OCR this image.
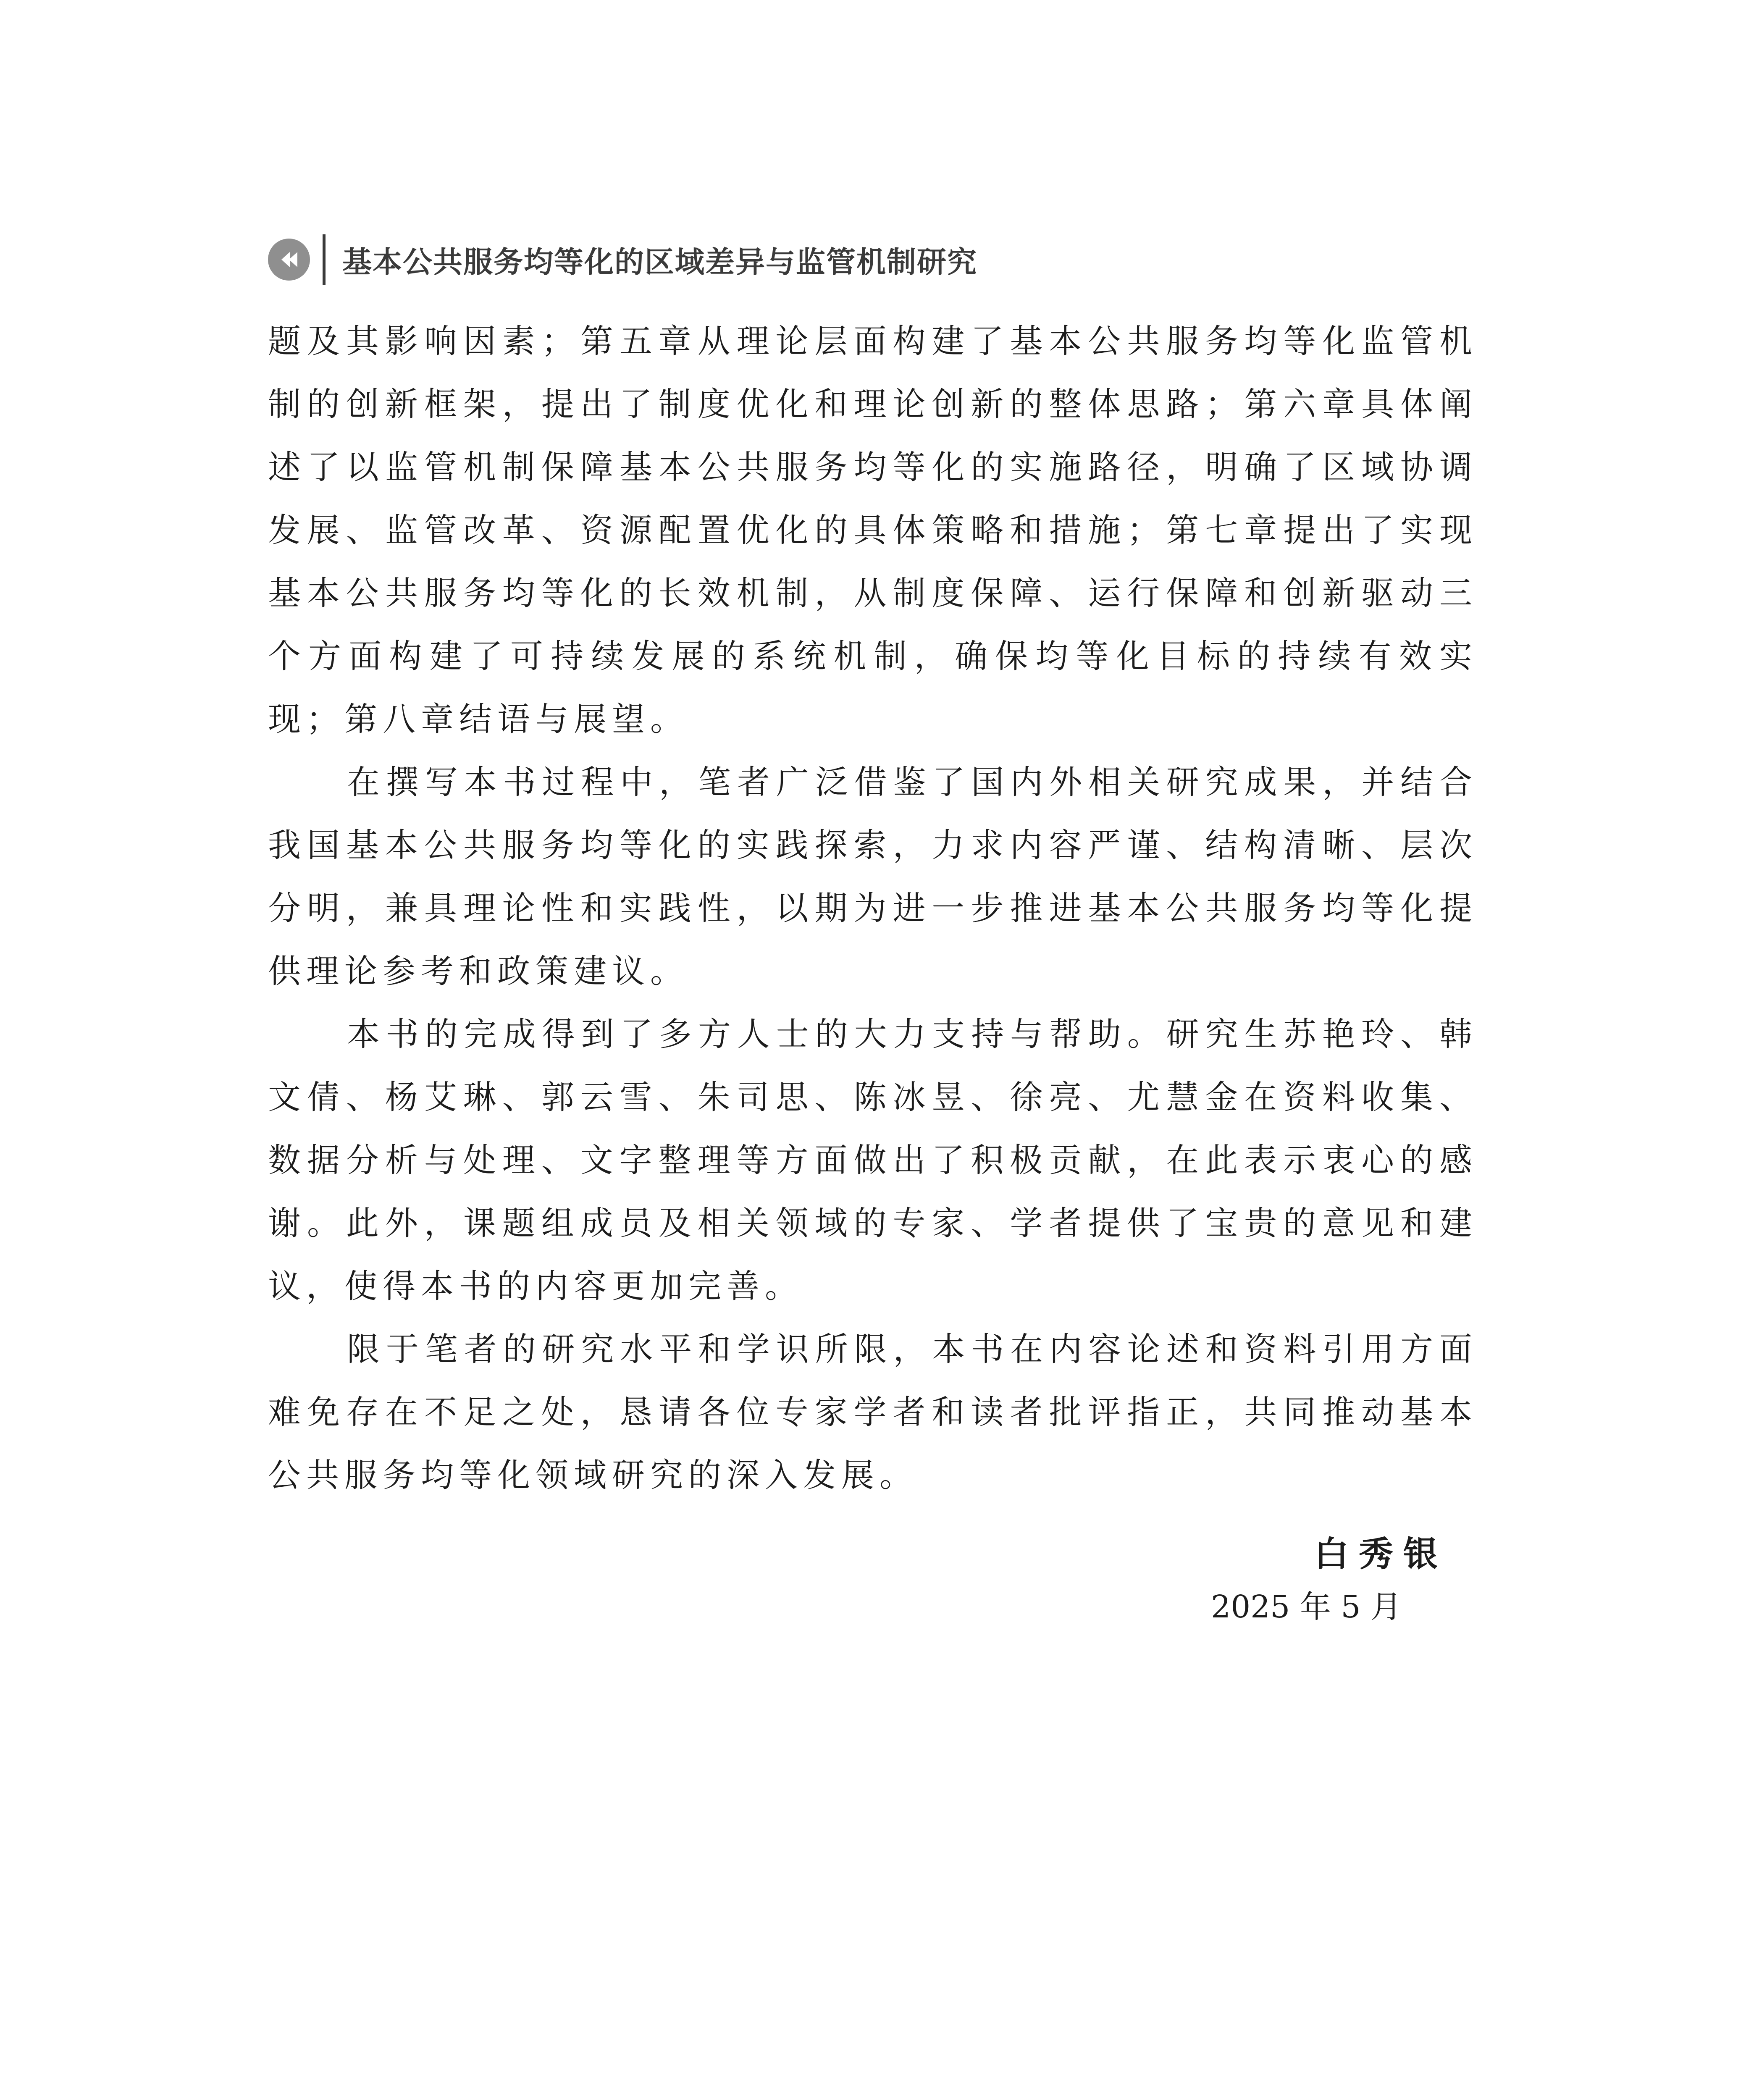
基本公共服务均等化的区域差异与监管机制研究

题及其影响因素；第五章从理论层面构建了基本公共服务均等化监管机制的创新框架，提出了制度优化和理论创新的整体思路；第六章具体阐述了以监管机制保障基本公共服务均等化的实施路径，明确了区域协调发展、监管改革、资源配置优化的具体策略和措施；第七章提出了实现基本公共服务均等化的长效机制，从制度保障、运行保障和创新驱动三个方面构建了可持续发展的系统机制，确保均等化目标的持续有效实现；第八章结语与展望。

在撰写本书过程中，笔者广泛借鉴了国内外相关研究成果，并结合我国基本公共服务均等化的实践探索，力求内容严谨、结构清晰、层次分明，兼具理论性和实践性，以期为进一步推进基本公共服务均等化提供理论参考和政策建议。

本书的完成得到了多方人士的大力支持与帮助。研究生苏艳玲、韩文倩、杨艾琳、郭云雪、朱司思、陈冰昱、徐亮、尤慧金在资料收集、数据分析与处理、文字整理等方面做出了积极贡献，在此表示衷心的感谢。此外，课题组成员及相关领域的专家、学者提供了宝贵的意见和建议，使得本书的内容更加完善。

限于笔者的研究水平和学识所限，本书在内容论述和资料引用方面难免存在不足之处，恳请各位专家学者和读者批评指正，共同推动基本公共服务均等化领域研究的深入发展。

白秀银
2025 年 5 月
